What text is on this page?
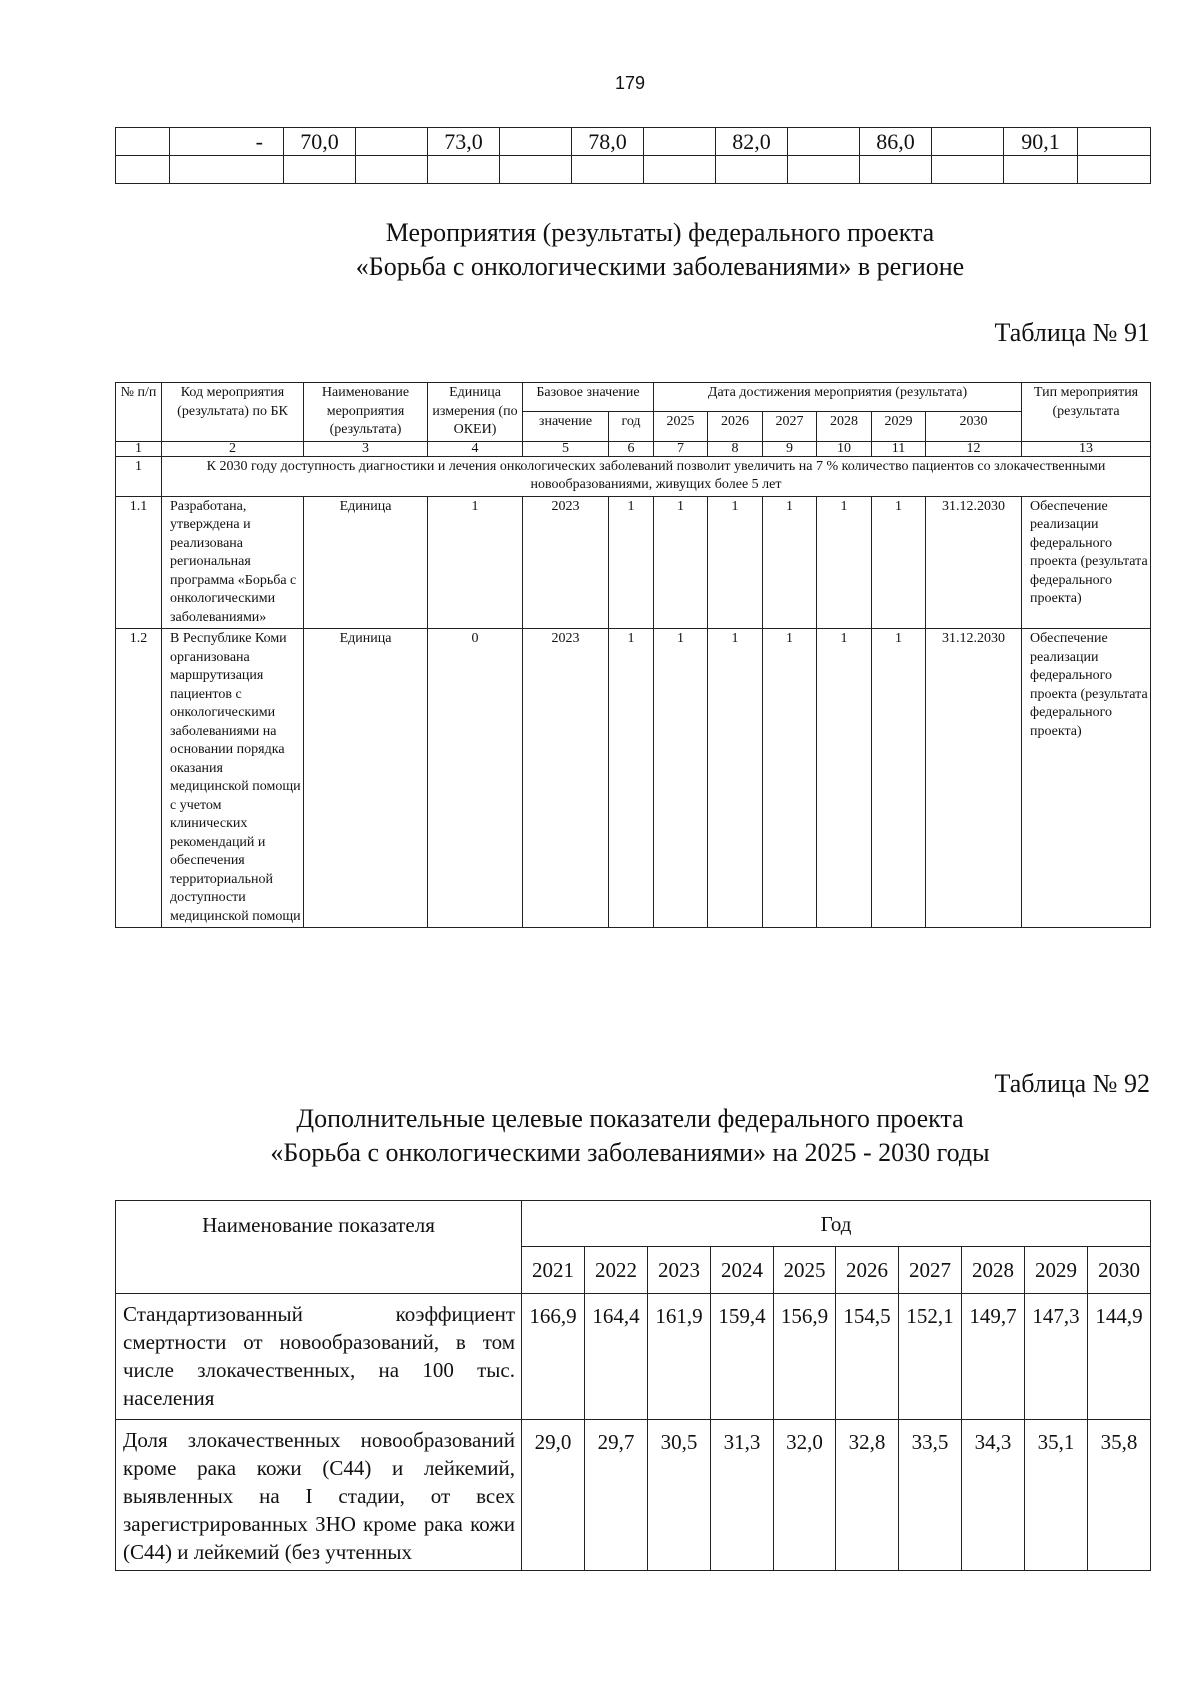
179
	-	70,0		73,0		78,0		82,0		86,0		90,1	

Мероприятия (результаты) федерального проекта
«Борьба с онкологическими заболеваниями» в регионе
Таблица № 91
№ п/п	Код мероприятия (результата) по БК	Наименование мероприятия (результата)	Единица измерения (по ОКЕИ)	Базовое значение		Дата достижения мероприятия (результата)						Тип мероприятия (результата
				значение	год	2025	2026	2027	2028	2029	2030	
1	2	3	4	5	6	7	8	9	10	11	12	13
1	К 2030 году доступность диагностики и лечения онкологических заболеваний позволит увеличить на 7 % количество пациентов со злокачественными новообразованиями, живущих более 5 лет											
1.1	Разработана, утверждена и реализована региональная программа «Борьба с онкологическими заболеваниями»	Единица	1	2023	1	1	1	1	1	1	31.12.2030	Обеспечение реализации федерального проекта (результата федерального проекта)
1.2	В Республике Коми организована маршрутизация пациентов с онкологическими заболеваниями на основании порядка оказания медицинской помощи с учетом клинических рекомендаций и обеспечения территориальной доступности медицинской помощи	Единица	0	2023	1	1	1	1	1	1	31.12.2030	Обеспечение реализации федерального проекта (результата федерального проекта)
Таблица № 92
Дополнительные целевые показатели федерального проекта
«Борьба с онкологическими заболеваниями» на 2025 - 2030 годы
Наименование показателя	Год									
	2021	2022	2023	2024	2025	2026	2027	2028	2029	2030
Стандартизованный коэффициент смертности от новообразований, в том числе злокачественных, на 100 тыс. населения	166,9	164,4	161,9	159,4	156,9	154,5	152,1	149,7	147,3	144,9
Доля злокачественных новообразований кроме рака кожи (С44) и лейкемий, выявленных на I стадии, от всех зарегистрированных ЗНО кроме рака кожи (С44) и лейкемий (без учтенных	29,0	29,7	30,5	31,3	32,0	32,8	33,5	34,3	35,1	35,8
